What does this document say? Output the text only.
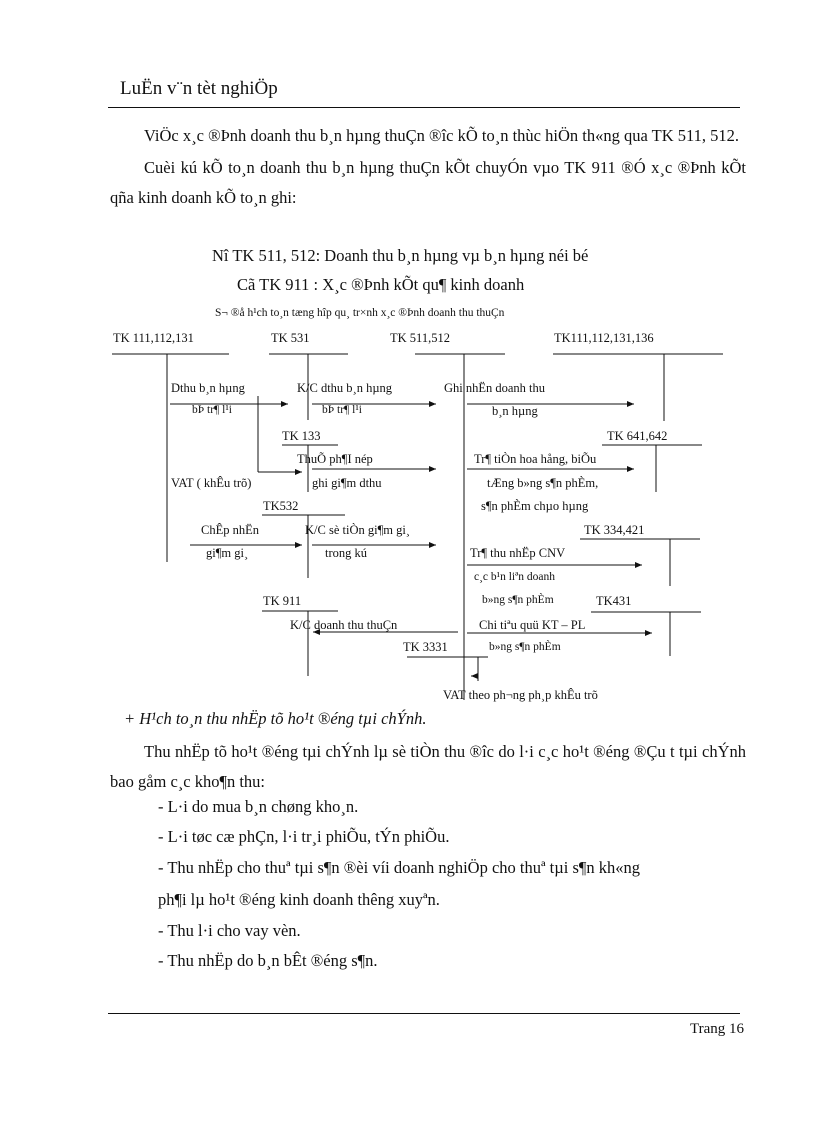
LuËn v¨n tèt nghiÖp

ViÖc x¸c ®Þnh doanh thu b¸n hµng thuÇn ®îc kÕ to¸n thùc hiÖn th«ng qua TK 511, 512.

Cuèi kú kÕ to¸n doanh thu b¸n hµng thuÇn kÕt chuyÓn vµo TK 911 ®Ó x¸c ®Þnh kÕt qña kinh doanh kÕ to¸n ghi:

Nî TK 511, 512: Doanh thu b¸n hµng vµ b¸n hµng néi bé
Cã TK 911 : X¸c ®Þnh kÕt qu¶ kinh doanh
S¬ ®å h¹ch to¸n tæng hîp qu¸ tr×nh x¸c ®Þnh doanh thu thuÇn
TK 111,112,131	TK 531	TK 511,512	TK111,112,131,136
TK 133	TK 641,642
TK532
TK 334,421
TK 911	TK431
TK 3331
Dthu b¸n hµng
bÞ tr¶ l¹i
K/C dthu b¸n hµng
bÞ tr¶ l¹i
Ghi nhËn doanh thu
b¸n hµng
VAT ( khÊu trõ)
ThuÕ ph¶I nép
ghi gi¶m dthu
Tr¶ tiÒn hoa hång, biÕu
tÆng b»ng s¶n phÈm,
s¶n phÈm chµo hµng
ChÊp nhËn
gi¶m gi¸
K/C sè tiÒn gi¶m gi¸
trong kú	Tr¶ thu nhËp CNV
c¸c b¹n liªn doanh
b»ng s¶n phÈm
K/C doanh thu thuÇn	Chi tiªu quü KT – PL
b»ng s¶n phÈm
VAT theo ph¬ng ph¸p khÊu trõ
+ H¹ch to¸n thu nhËp tõ ho¹t ®éng tµi chÝnh.
Thu nhËp tõ ho¹t ®éng tµi chÝnh lµ sè tiÒn thu ®îc do l·i c¸c ho¹t ®éng ®Çu t tµi chÝnh bao gåm c¸c kho¶n thu:
- L·i do mua b¸n chøng kho¸n.
- L·i tøc cæ phÇn, l·i tr¸i phiÕu, tÝn phiÕu.
- Thu nhËp cho thuª tµi s¶n ®èi víi doanh nghiÖp cho thuª tµi s¶n kh«ng
ph¶i lµ ho¹t ®éng kinh doanh thêng xuyªn.
- Thu l·i cho vay vèn.
- Thu nhËp do b¸n bÊt ®éng s¶n.
Trang 16
